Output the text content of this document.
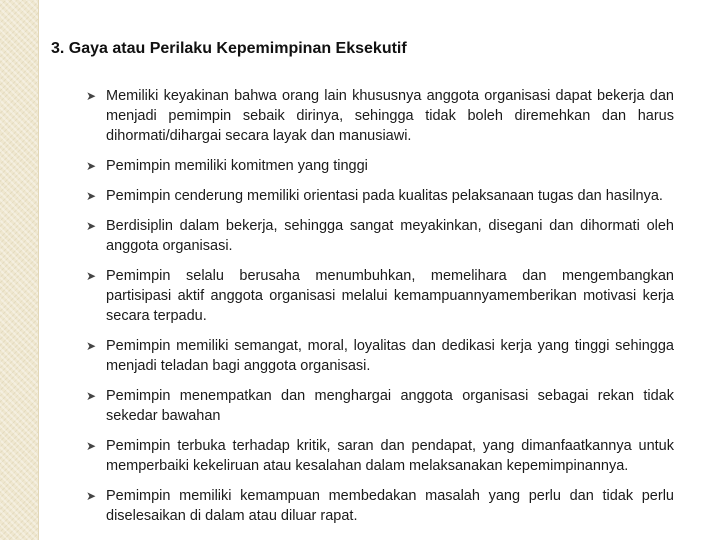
3. Gaya atau Perilaku Kepemimpinan Eksekutif
➤ Memiliki keyakinan bahwa orang lain khususnya anggota organisasi dapat bekerja dan menjadi pemimpin sebaik dirinya, sehingga tidak boleh diremehkan dan harus dihormati/dihargai secara layak dan manusiawi.
➤ Pemimpin memiliki komitmen yang tinggi
➤ Pemimpin cenderung memiliki orientasi pada kualitas pelaksanaan tugas dan hasilnya.
➤ Berdisiplin dalam bekerja, sehingga sangat meyakinkan, disegani dan dihormati oleh anggota organisasi.
➤ Pemimpin selalu berusaha menumbuhkan, memelihara dan mengembangkan partisipasi aktif anggota organisasi melalui kemampuannyamemberikan motivasi kerja secara terpadu.
➤ Pemimpin memiliki semangat, moral, loyalitas dan dedikasi kerja yang tinggi sehingga menjadi teladan bagi anggota organisasi.
➤ Pemimpin menempatkan dan menghargai anggota organisasi sebagai rekan tidak sekedar bawahan
➤ Pemimpin terbuka terhadap kritik, saran dan pendapat, yang dimanfaatkannya untuk memperbaiki kekeliruan atau kesalahan dalam melaksanakan kepemimpinannya.
➤ Pemimpin memiliki kemampuan membedakan masalah yang perlu dan tidak perlu diselesaikan di dalam atau diluar rapat.
